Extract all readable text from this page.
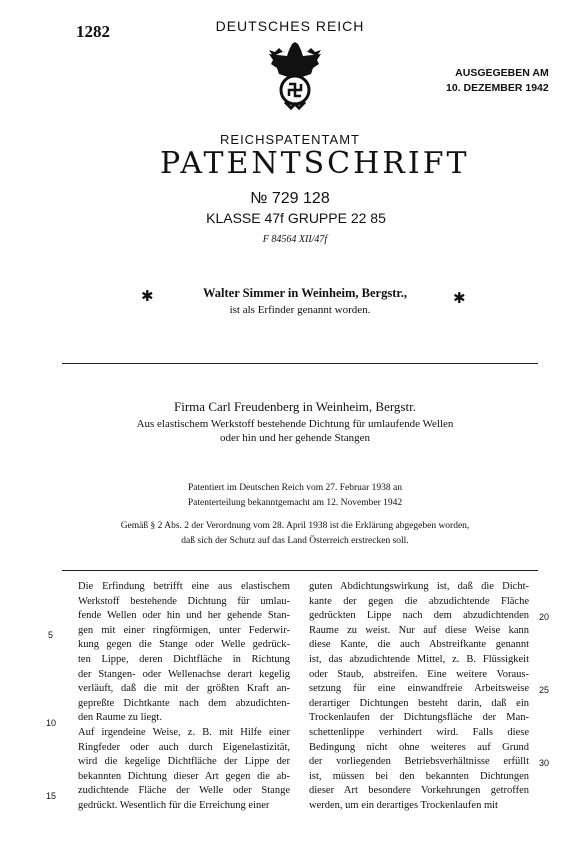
1282	DEUTSCHES REICH
AUSGEGEBEN AM
10. DEZEMBER 1942
REICHSPATENTAMT
PATENTSCHRIFT
№ 729 128
KLASSE 47f GRUPPE 22 85
F 84564 XII/47f
✱	Walter Simmer in Weinheim, Bergstr.,	✱
ist als Erfinder genannt worden.
Firma Carl Freudenberg in Weinheim, Bergstr.
Aus elastischem Werkstoff bestehende Dichtung für umlaufende Wellen
oder hin und her gehende Stangen
Patentiert im Deutschen Reich vom 27. Februar 1938 an
Patenterteilung bekanntgemacht am 12. November 1942
Gemäß § 2 Abs. 2 der Verordnung vom 28. April 1938 ist die Erklärung abgegeben worden,
daß sich der Schutz auf das Land Österreich erstrecken soll.
Die Erfindung betrifft eine aus elastischem
Werkstoff bestehende Dichtung für umlau-
fende Wellen oder hin und her gehende Stan-
gen mit einer ringförmigen, unter Federwir-
kung gegen die Stange oder Welle gedrück-
ten Lippe, deren Dichtfläche in Richtung
der Stangen- oder Wellenachse derart kegelig
verläuft, daß die mit der größten Kraft an-
gepreßte Dichtkante nach dem abzudichten-
den Raume zu liegt.
Auf irgendeine Weise, z. B. mit Hilfe einer
Ringfeder oder auch durch Eigenelastizität,
wird die kegelige Dichtfläche der Lippe der
bekannten Dichtung dieser Art gegen die ab-
zudichtende Fläche der Welle oder Stange
gedrückt. Wesentlich für die Erreichung einer
guten Abdichtungswirkung ist, daß die Dicht-
kante der gegen die abzudichtende Fläche
gedrückten Lippe nach dem abzudichtenden
Raume zu weist. Nur auf diese Weise kann
diese Kante, die auch Abstreifkante genannt
ist, das abzudichtende Mittel, z. B. Flüssigkeit
oder Staub, abstreifen. Eine weitere Voraus-
setzung für eine einwandfreie Arbeitsweise
derartiger Dichtungen besteht darin, daß ein
Trockenlaufen der Dichtungsfläche der Man-
schettenlippe verhindert wird. Falls diese
Bedingung nicht ohne weiteres auf Grund
der vorliegenden Betriebsverhältnisse erfüllt
ist, müssen bei den bekannten Dichtungen
dieser Art besondere Vorkehrungen getroffen
werden, um ein derartiges Trockenlaufen mit
5
10
15
20
25
30
